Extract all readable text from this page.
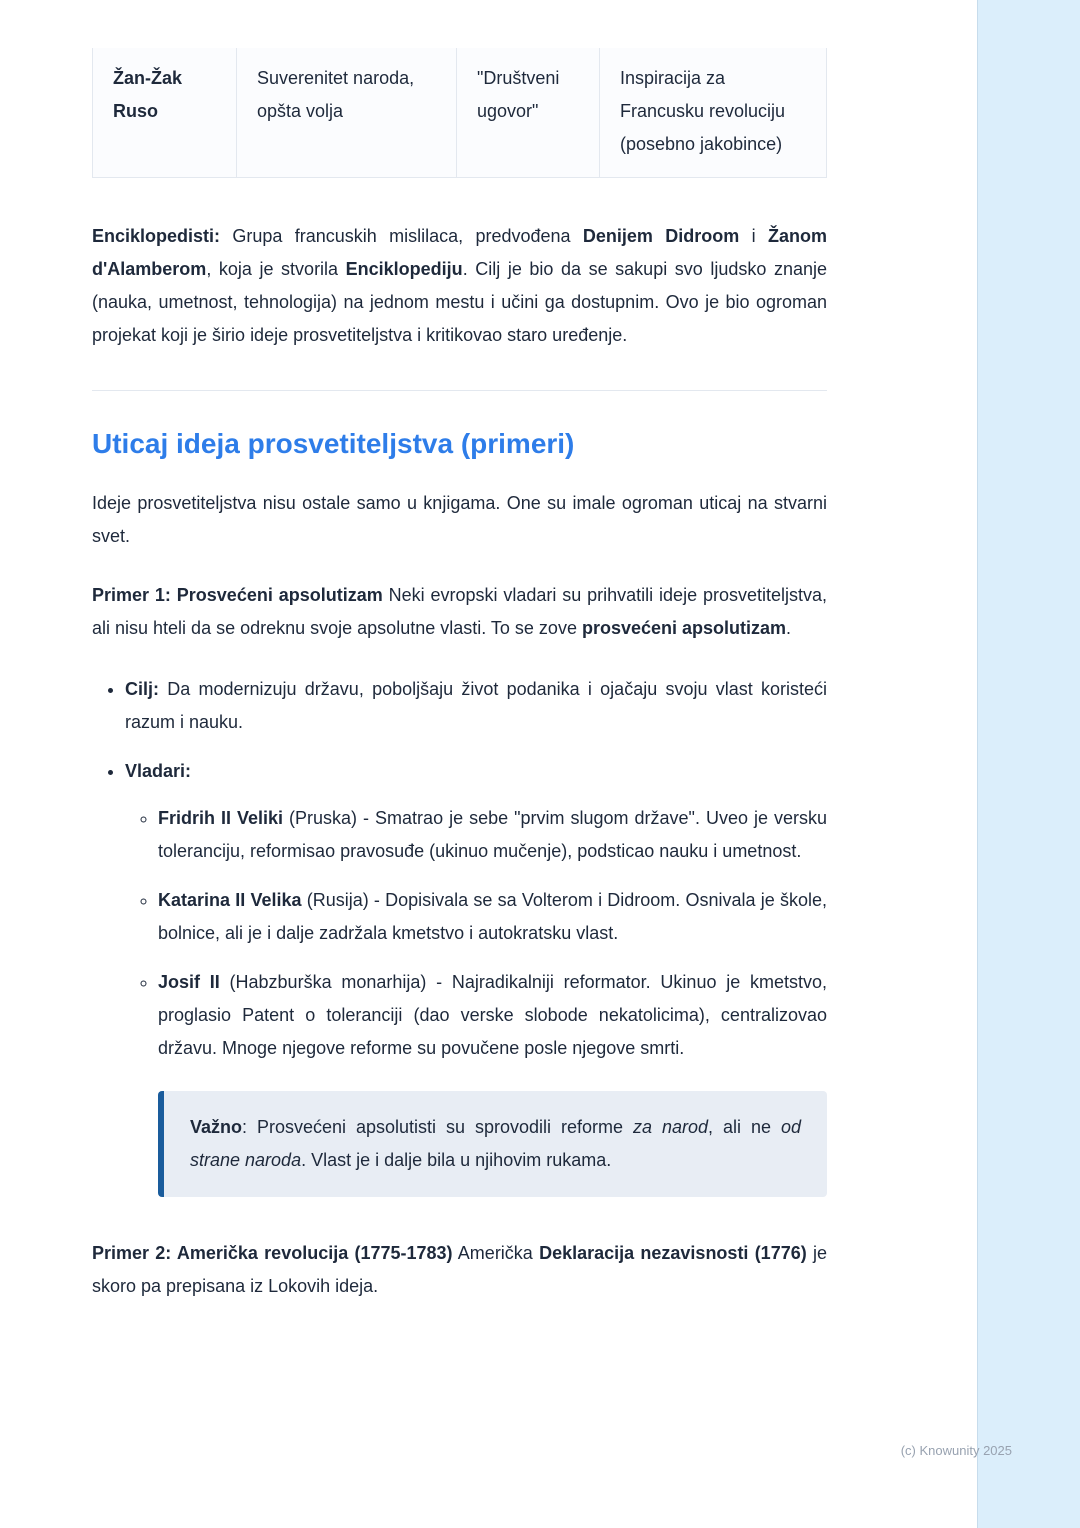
Žan-Žak Ruso	Suverenitet naroda, opšta volja	"Društveni ugovor"	Inspiracija za Francusku revoluciju (posebno jakobince)

Enciklopedisti: Grupa francuskih mislilaca, predvođena Denijem Didroom i Žanom d'Alamberom, koja je stvorila Enciklopediju. Cilj je bio da se sakupi svo ljudsko znanje (nauka, umetnost, tehnologija) na jednom mestu i učini ga dostupnim. Ovo je bio ogroman projekat koji je širio ideje prosvetiteljstva i kritikovao staro uređenje.

Uticaj ideja prosvetiteljstva (primeri)

Ideje prosvetiteljstva nisu ostale samo u knjigama. One su imale ogroman uticaj na stvarni svet.

Primer 1: Prosvećeni apsolutizam Neki evropski vladari su prihvatili ideje prosvetiteljstva, ali nisu hteli da se odreknu svoje apsolutne vlasti. To se zove prosvećeni apsolutizam.

• Cilj: Da modernizuju državu, poboljšaju život podanika i ojačaju svoju vlast koristeći razum i nauku.
• Vladari:
◦ Fridrih II Veliki (Pruska) - Smatrao je sebe "prvim slugom države". Uveo je versku toleranciju, reformisao pravosuđe (ukinuo mučenje), podsticao nauku i umetnost.
◦ Katarina II Velika (Rusija) - Dopisivala se sa Volterom i Didroom. Osnivala je škole, bolnice, ali je i dalje zadržala kmetstvo i autokratsku vlast.
◦ Josif II (Habzburška monarhija) - Najradikalniji reformator. Ukinuo je kmetstvo, proglasio Patent o toleranciji (dao verske slobode nekatolicima), centralizovao državu. Mnoge njegove reforme su povučene posle njegove smrti.
Važno: Prosvećeni apsolutisti su sprovodili reforme za narod, ali ne od strane naroda. Vlast je i dalje bila u njihovim rukama.

Primer 2: Američka revolucija (1775-1783) Američka Deklaracija nezavisnosti (1776) je skoro pa prepisana iz Lokovih ideja.

(c) Knowunity 2025
